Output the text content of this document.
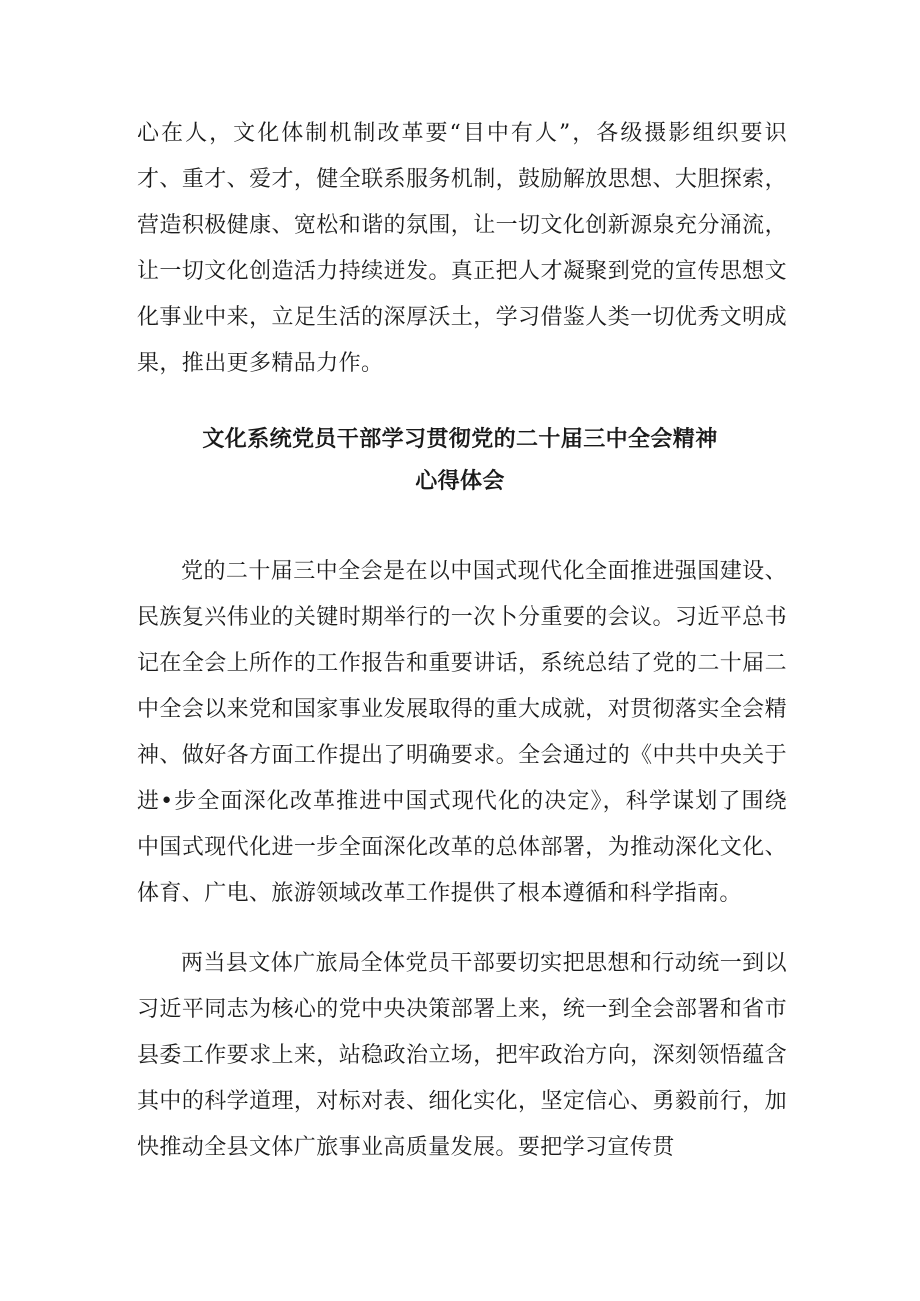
心在人，文化体制机制改革要“目中有人”，各级摄影组织要识才、重才、爱才，健全联系服务机制，鼓励解放思想、大胆探索，营造积极健康、宽松和谐的氛围，让一切文化创新源泉充分涌流，让一切文化创造活力持续迸发。真正把人才凝聚到党的宣传思想文化事业中来，立足生活的深厚沃土，学习借鉴人类一切优秀文明成果，推出更多精品力作。

文化系统党员干部学习贯彻党的二十届三中全会精神
心得体会

党的二十届三中全会是在以中国式现代化全面推进强国建设、民族复兴伟业的关键时期举行的一次卜分重要的会议。习近平总书记在全会上所作的工作报告和重要讲话，系统总结了党的二十届二中全会以来党和国家事业发展取得的重大成就，对贯彻落实全会精神、做好各方面工作提出了明确要求。全会通过的《中共中央关于进•步全面深化改革推进中国式现代化的决定》，科学谋划了围绕中国式现代化进一步全面深化改革的总体部署，为推动深化文化、体育、广电、旅游领域改革工作提供了根本遵循和科学指南。

两当县文体广旅局全体党员干部要切实把思想和行动统一到以习近平同志为核心的党中央决策部署上来，统一到全会部署和省市县委工作要求上来，站稳政治立场，把牢政治方向，深刻领悟蕴含其中的科学道理，对标对表、细化实化，坚定信心、勇毅前行，加快推动全县文体广旅事业高质量发展。要把学习宣传贯
